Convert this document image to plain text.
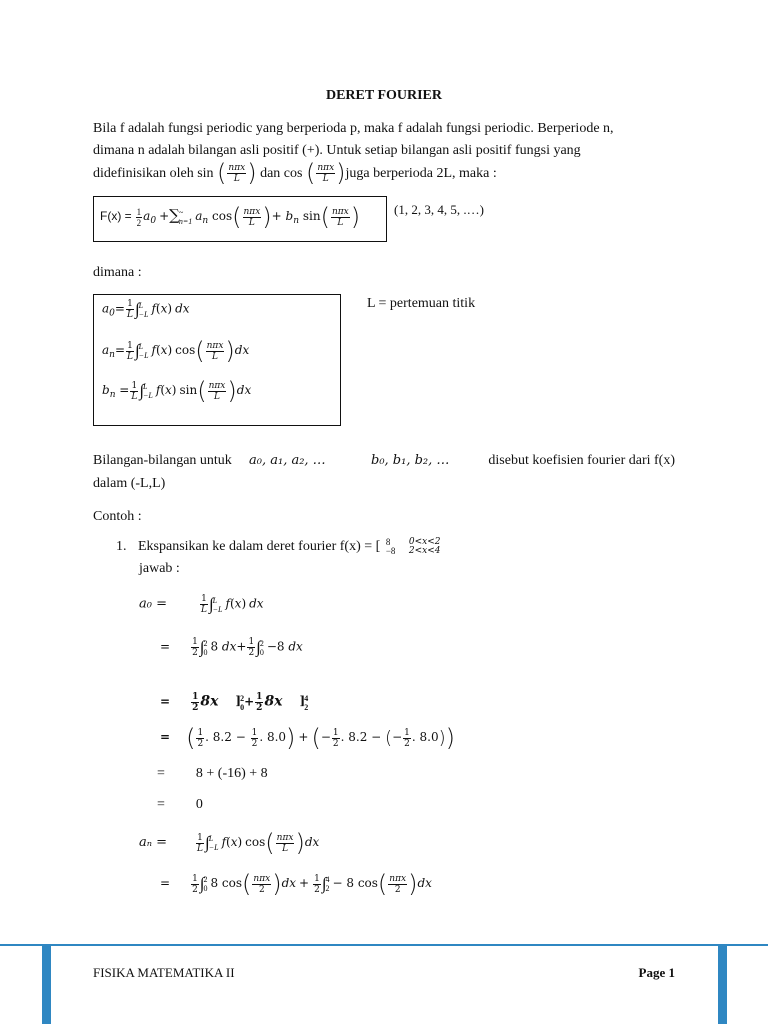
DERET FOURIER
Bila f adalah fungsi periodic yang berperioda p, maka f adalah fungsi periodic. Berperiode n,
dimana n adalah bilangan asli positif (+). Untuk setiap bilangan asli positif fungsi yang
didefinisikan oleh sin ( $\frac{\text{nπx}}{L}$ ) dan cos ( $\frac{\text{nπx}}{L}$ )juga berperioda 2L, maka :
$F(x) = \frac{1}{2} a_0$ +∑ ~
n=1 $a_n$ $\cos( \frac{\text{nπx}}{L}$ )+ $b_n$ $\sin( \frac{\text{nπx}}{L}$ )	(1, 2, 3, 4, 5, .…)
dimana :
$a_0= \frac{1}{L}$ ∫ L
−L f(x) dx
$a_n= \frac{1}{L}$ ∫ L
−L f(x) $\cos( \frac{\text{nπx}}{L} )dx$
$b_n = \frac{1}{L}$ ∫ L
−L f(x) $\sin( \frac{\text{nπx}}{L} )dx$
L = pertemuan titik
Bilangan-bilangan untuk a₀, a₁, a₂, …	b₀, b₁, b₂, …	disebut koefisien fourier dari f(x)
dalam (-L,L)
Contoh :
1. Ekspansikan ke dalam deret fourier f(x) = [ 8
−8

0<x<2
2<x<4
jawab :
a₀ =	$\frac{1}{L}$ ∫ L
−L f(x) dx
= $\frac{1}{2}$ ∫ 2
0 8 $dx+ \frac{1}{2}$ ∫ 2
0 −8 dx
= $\frac{1}{2} 8x$ ] 2
$0 + \frac{1}{2} 8x$ ] 4
2
= ( $\frac{1}{2}$ . $8.2 - \frac{1}{2}$ . 8.0) + (− $\frac{1}{2}$ . 8.2 − (− $\frac{1}{2}$ . 8.0))
= 8 + (-16) + 8
= 0
aₙ =	$\frac{1}{L}$ ∫ L
−L f(x) $\cos( \frac{\text{nπx}}{L} )dx$
= $\frac{1}{2}$ ∫ 2
0 8 $\cos( \frac{\text{nπx}}{2} )dx + \frac{1}{2}$ ∫ 4
2 − 8 $\cos( \frac{\text{nπx}}{2} )dx$
FISIKA MATEMATIKA II	Page 1
